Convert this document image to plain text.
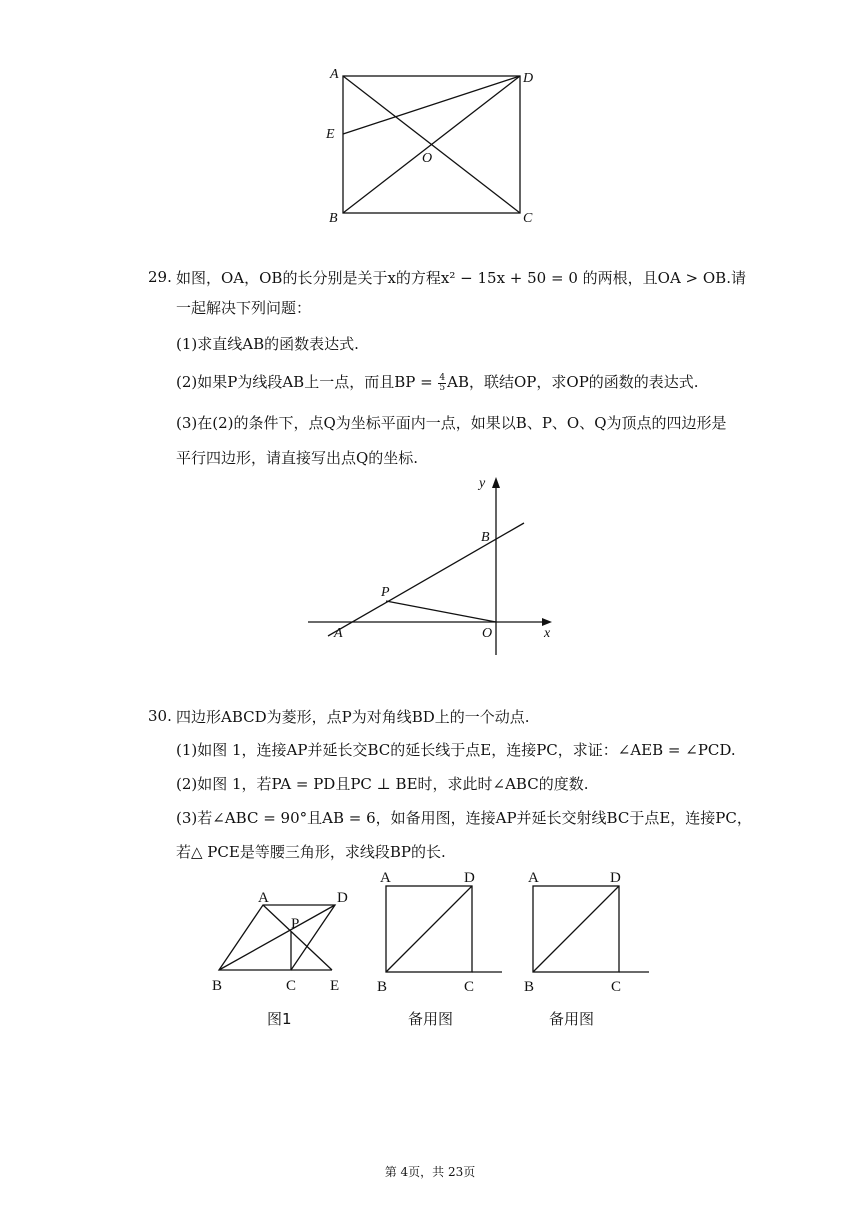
A	D
E
O
B	C
29. 如图，OA，OB的长分别是关于x的方程x² − 15x + 50 = 0 的两根，且OA > OB.请
一起解决下列问题：
(1)求直线AB的函数表达式.
(2)如果P为线段AB上一点，而且BP = $\frac{4}{5}$ AB，联结OP，求OP的函数的表达式.
(3)在(2)的条件下，点Q为坐标平面内一点，如果以B、P、O、Q为顶点的四边形是
平行四边形，请直接写出点Q的坐标.
y
x
B
P
A	O
30. 四边形ABCD为菱形，点P为对角线BD上的一个动点.
(1)如图 1，连接AP并延长交BC的延长线于点E，连接PC，求证：∠AEB = ∠PCD.
(2)如图 1，若PA = PD且PC ⊥ BE时，求此时∠ABC的度数.
(3)若∠ABC = 90°且AB = 6，如备用图，连接AP并延长交射线BC于点E，连接PC，
若△ PCE是等腰三角形，求线段BP的长.
A	D
P
B	C E
图1
A	D
B	C
备用图
A	D
B	C
备用图
第 4页，共 23页
